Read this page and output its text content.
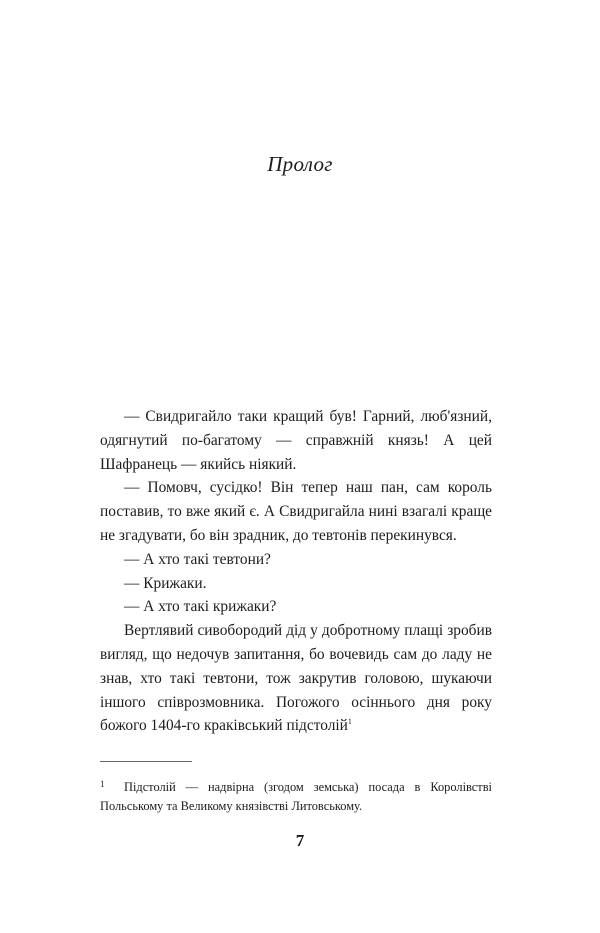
Пролог

— Свидригайло таки кращий був! Гарний, люб'язний, одягнутий по-багатому — справжній князь! А цей Шафранець — якийсь ніякий.

— Помовч, сусідко! Він тепер наш пан, сам король поставив, то вже який є. А Свидригайла нині взагалі краще не згадувати, бо він зрадник, до тевтонів перекинувся.

— А хто такі тевтони?

— Крижаки.

— А хто такі крижаки?

Вертлявий сивобородий дід у добротному плащі зробив вигляд, що недочув запитання, бо вочевидь сам до ладу не знав, хто такі тевтони, тож закрутив головою, шукаючи іншого співрозмовника. Погожого осіннього дня року божого 1404-го краківський підстолій$^1$

1 Підстолій — надвірна (згодом земська) посада в Королівстві Польському та Великому князівстві Литовському.
7
